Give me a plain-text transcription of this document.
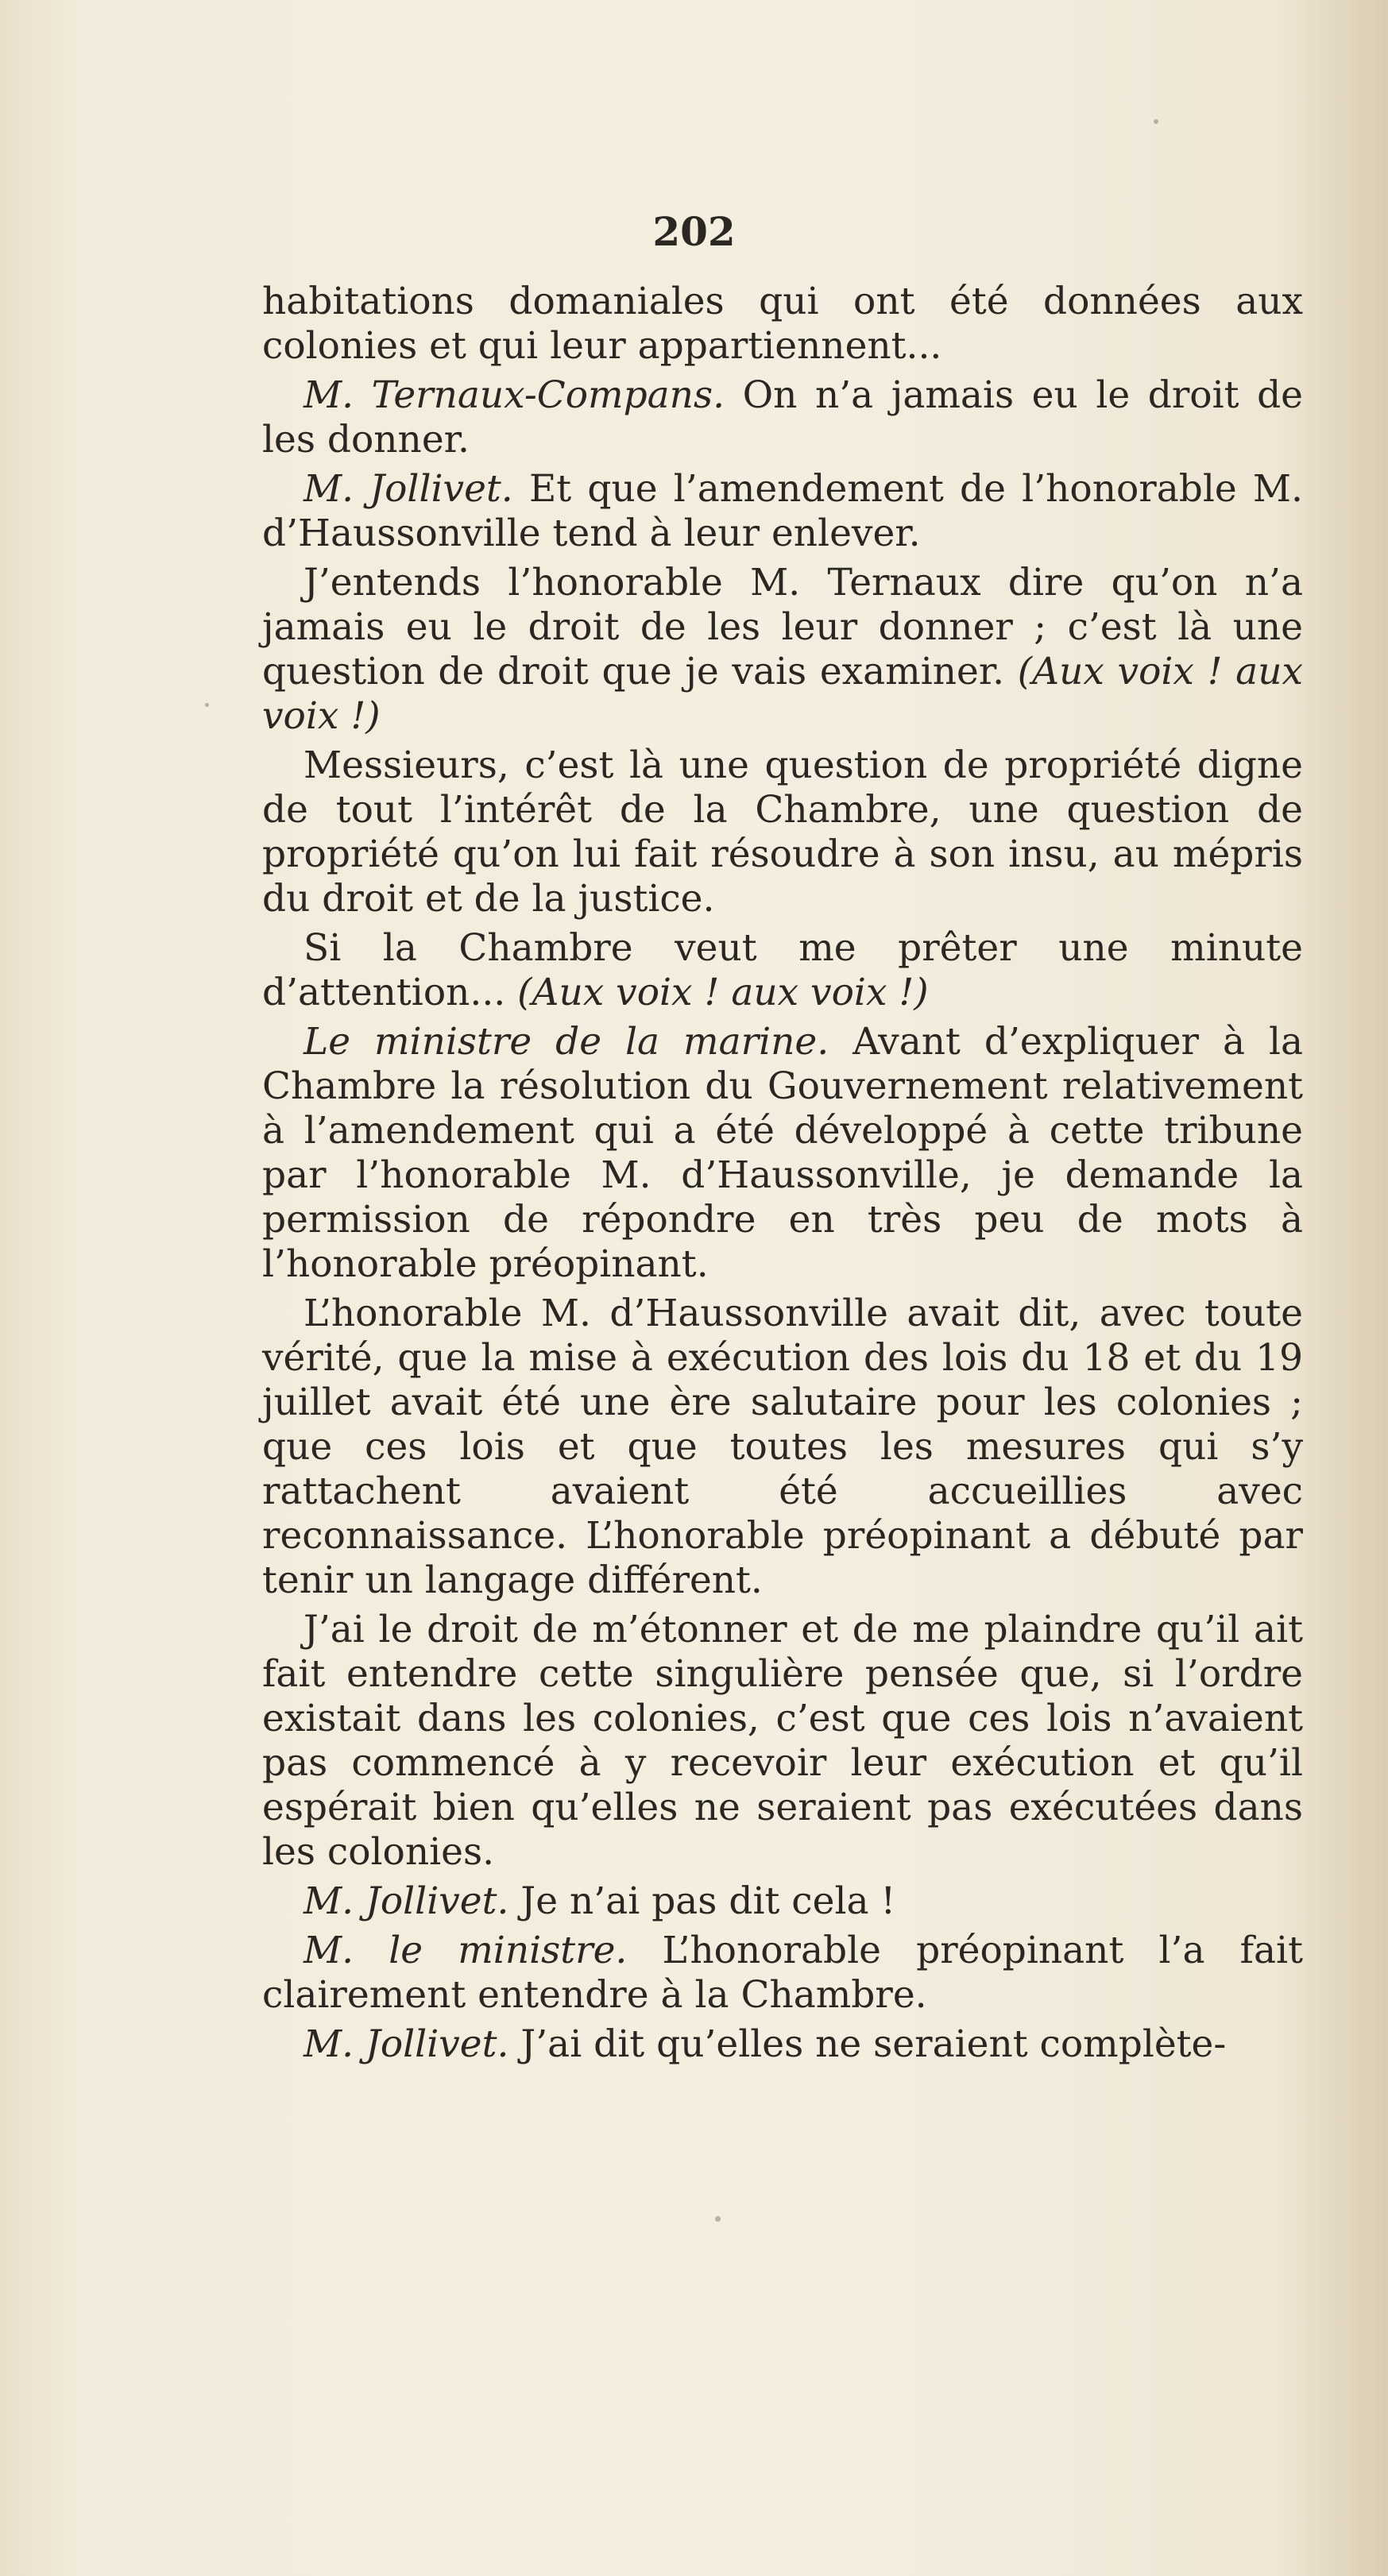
202

habitations domaniales qui ont été données aux colonies et qui leur appartiennent...

M. Ternaux-Compans. On n’a jamais eu le droit de les donner.

M. Jollivet. Et que l’amendement de l’honorable M. d’Haussonville tend à leur enlever.

J’entends l’honorable M. Ternaux dire qu’on n’a jamais eu le droit de les leur donner ; c’est là une question de droit que je vais examiner. (Aux voix ! aux voix !)

Messieurs, c’est là une question de propriété digne de tout l’intérêt de la Chambre, une question de propriété qu’on lui fait résoudre à son insu, au mépris du droit et de la justice.

Si la Chambre veut me prêter une minute d’attention... (Aux voix ! aux voix !)

Le ministre de la marine. Avant d’expliquer à la Chambre la résolution du Gouvernement relativement à l’amendement qui a été développé à cette tribune par l’honorable M. d’Haussonville, je demande la permission de répondre en très peu de mots à l’honorable préopinant.

L’honorable M. d’Haussonville avait dit, avec toute vérité, que la mise à exécution des lois du 18 et du 19 juillet avait été une ère salutaire pour les colonies ; que ces lois et que toutes les mesures qui s’y rattachent avaient été accueillies avec reconnaissance. L’honorable préopinant a débuté par tenir un langage différent.

J’ai le droit de m’étonner et de me plaindre qu’il ait fait entendre cette singulière pensée que, si l’ordre existait dans les colonies, c’est que ces lois n’avaient pas commencé à y recevoir leur exécution et qu’il espérait bien qu’elles ne seraient pas exécutées dans les colonies.

M. Jollivet. Je n’ai pas dit cela !

M. le ministre. L’honorable préopinant l’a fait clairement entendre à la Chambre.

M. Jollivet. J’ai dit qu’elles ne seraient complète-
